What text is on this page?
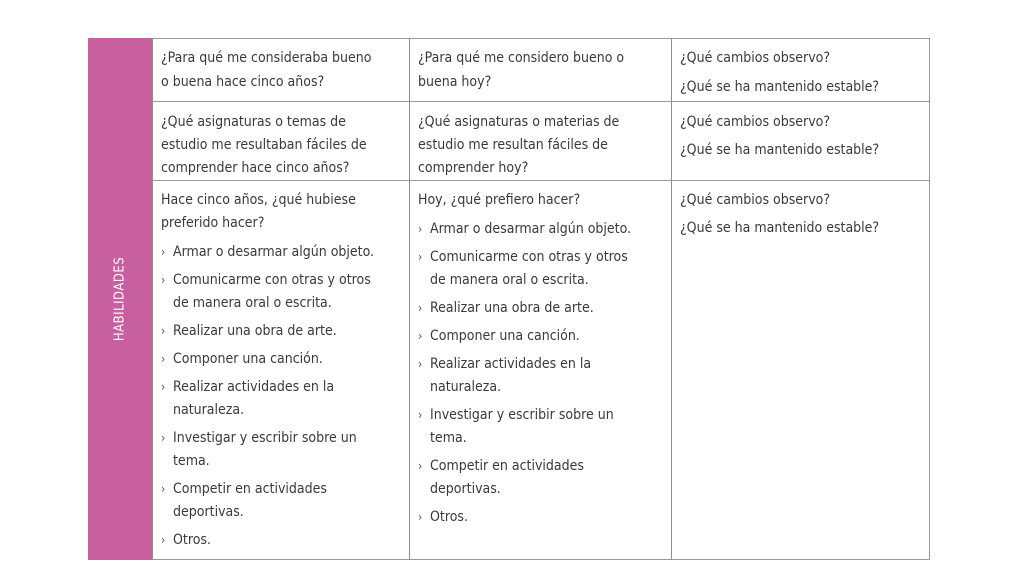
HABILIDADES
¿Para qué me consideraba bueno
o buena hace cinco años?
¿Para qué me considero bueno o
buena hoy?

¿Qué cambios observo?

¿Qué se ha mantenido estable?

¿Qué asignaturas o temas de
estudio me resultaban fáciles de
comprender hace cinco años?
¿Qué asignaturas o materias de
estudio me resultan fáciles de
comprender hoy?

¿Qué cambios observo?

¿Qué se ha mantenido estable?

Hace cinco años, ¿qué hubiese
preferido hacer?
› Armar o desarmar algún objeto.
› Comunicarme con otras y otros
de manera oral o escrita.
› Realizar una obra de arte.
› Componer una canción.
› Realizar actividades en la
naturaleza.
› Investigar y escribir sobre un
tema.
› Competir en actividades
deportivas.
› Otros.
Hoy, ¿qué prefiero hacer?
› Armar o desarmar algún objeto.
› Comunicarme con otras y otros
de manera oral o escrita.
› Realizar una obra de arte.
› Componer una canción.
› Realizar actividades en la
naturaleza.
› Investigar y escribir sobre un
tema.
› Competir en actividades
deportivas.
› Otros.

¿Qué cambios observo?

¿Qué se ha mantenido estable?
